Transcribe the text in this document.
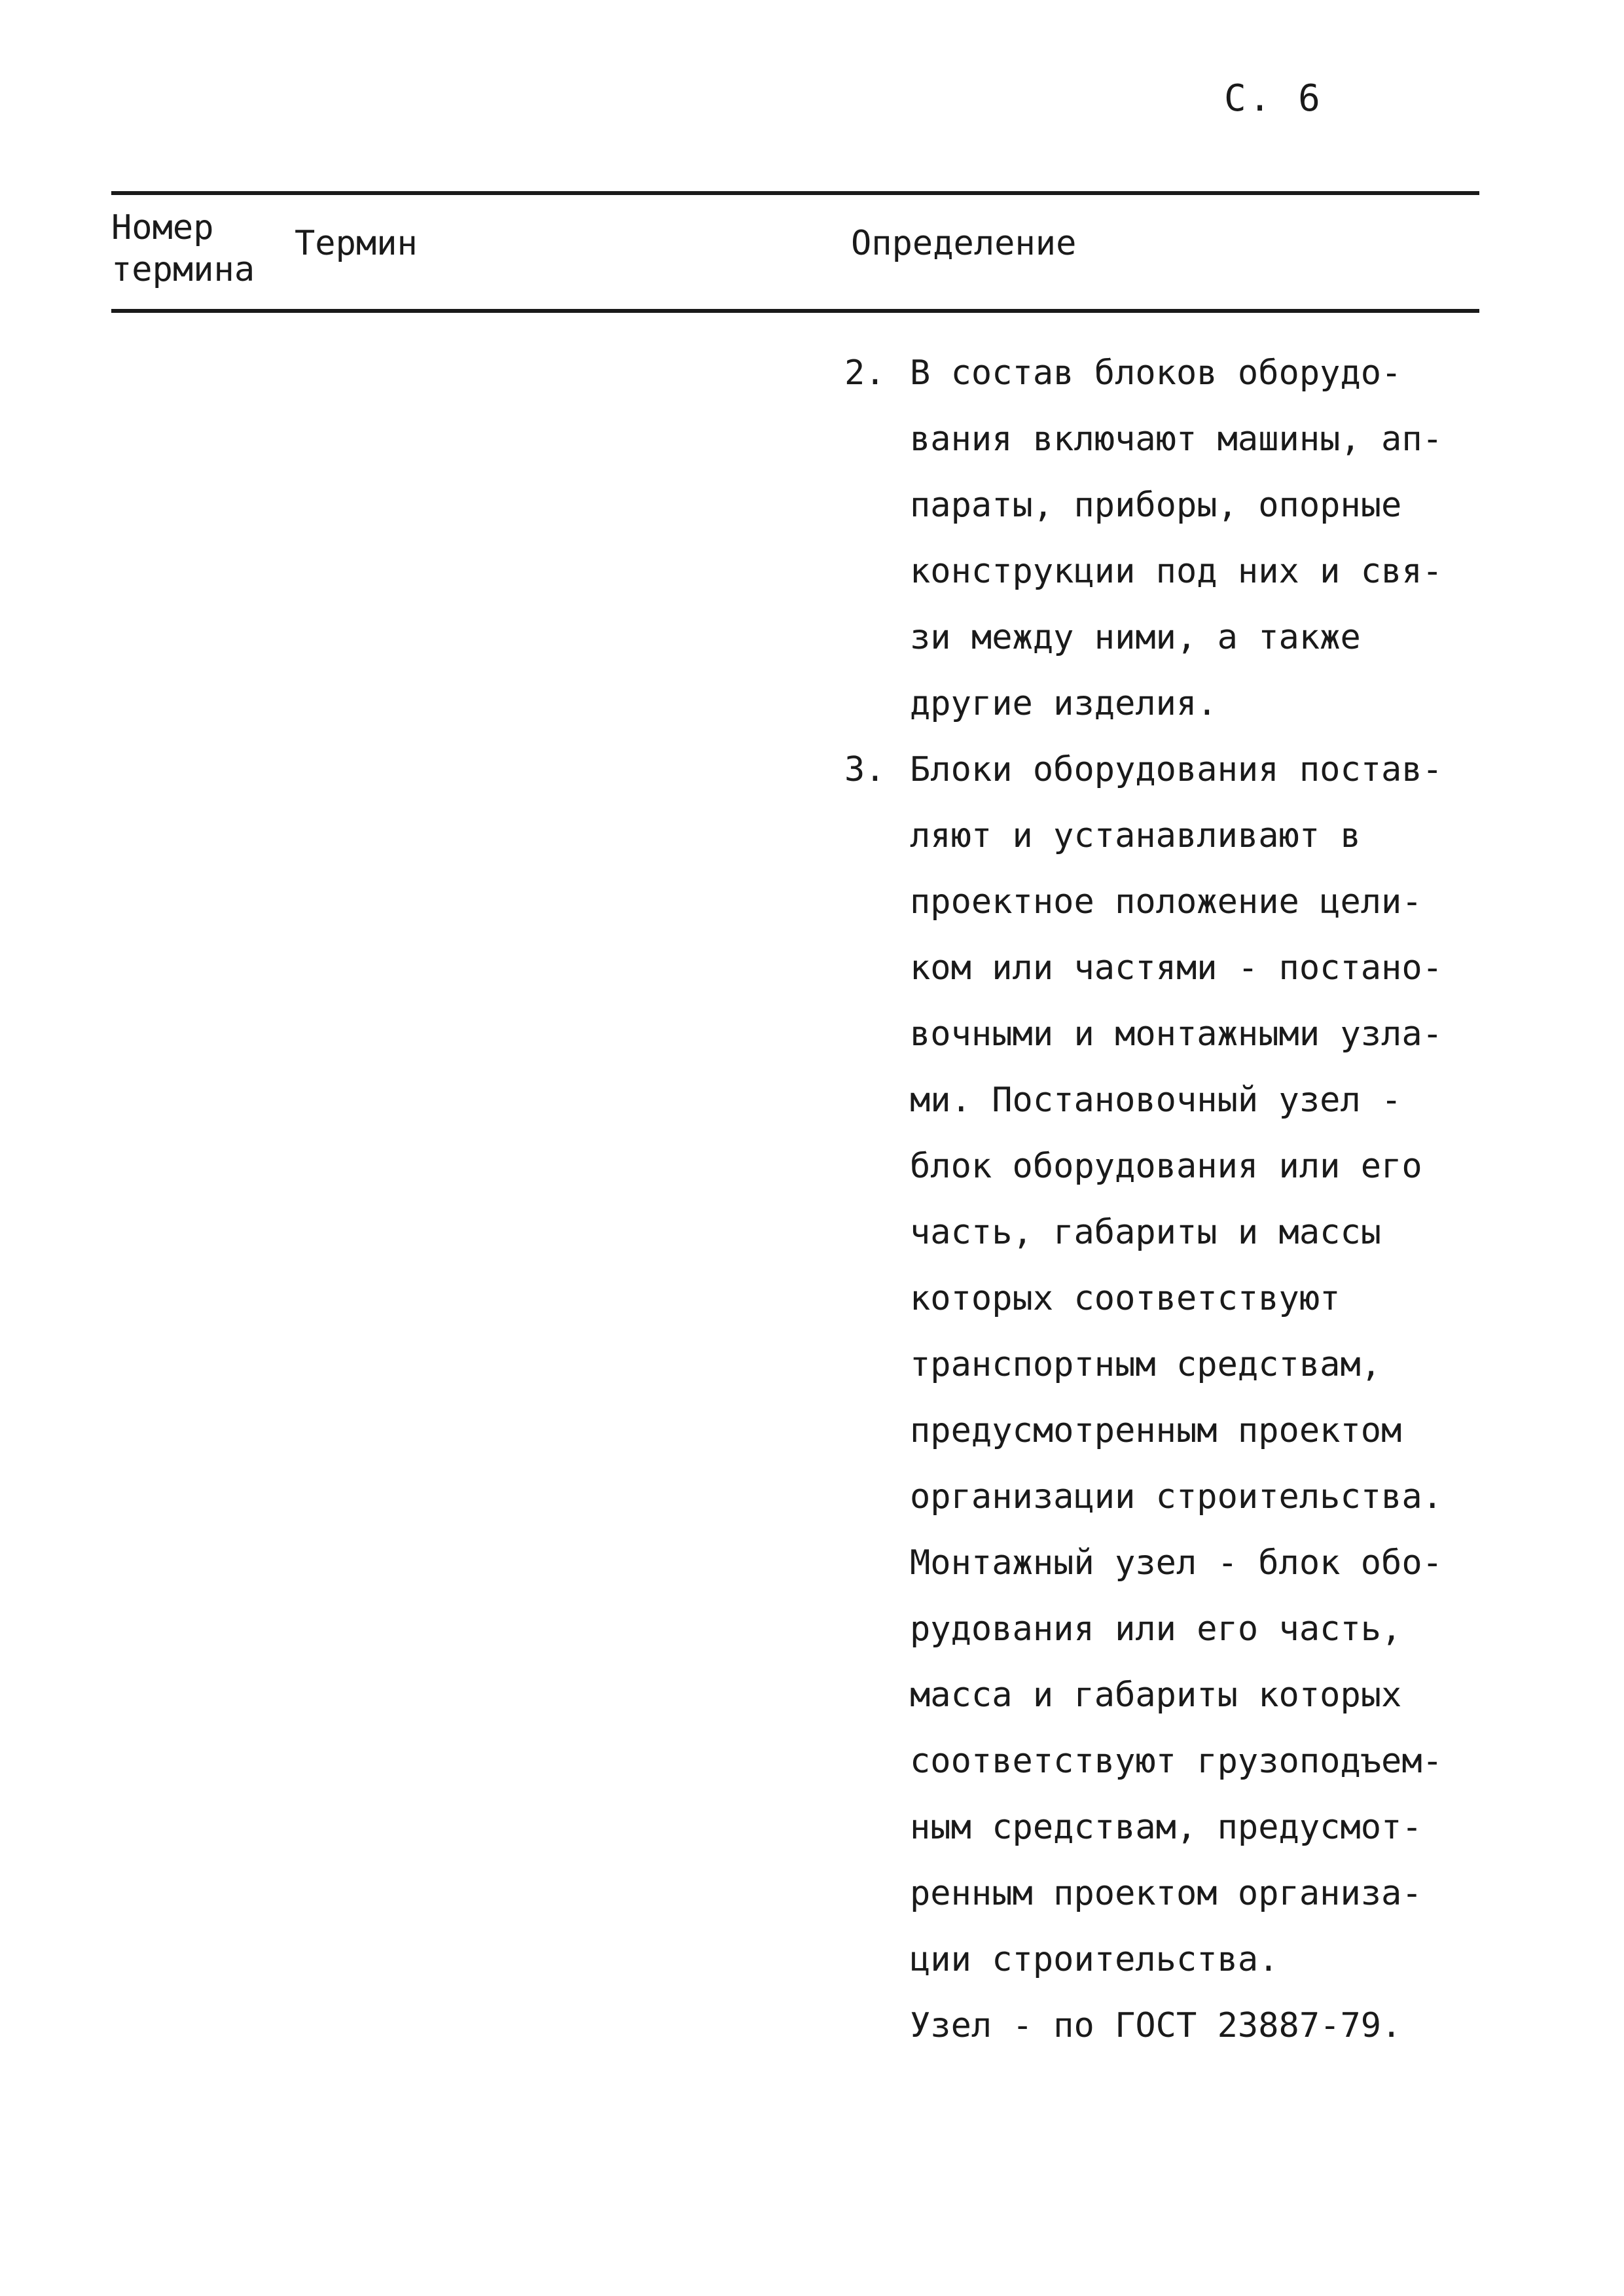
С. 6
Номер
термина
Термин	Определение
2. В состав блоков оборудо-
вания включают машины, ап-
параты, приборы, опорные
конструкции под них и свя-
зи между ними, а также
другие изделия.
3. Блоки оборудования постав-
ляют и устанавливают в
проектное положение цели-
ком или частями - постано-
вочными и монтажными узла-
ми. Постановочный узел -
блок оборудования или его
часть, габариты и массы
которых соответствуют
транспортным средствам,
предусмотренным проектом
организации строительства.
Монтажный узел - блок обо-
рудования или его часть,
масса и габариты которых
соответствуют грузоподъем-
ным средствам, предусмот-
ренным проектом организа-
ции строительства.
Узел - по ГОСТ 23887-79.
